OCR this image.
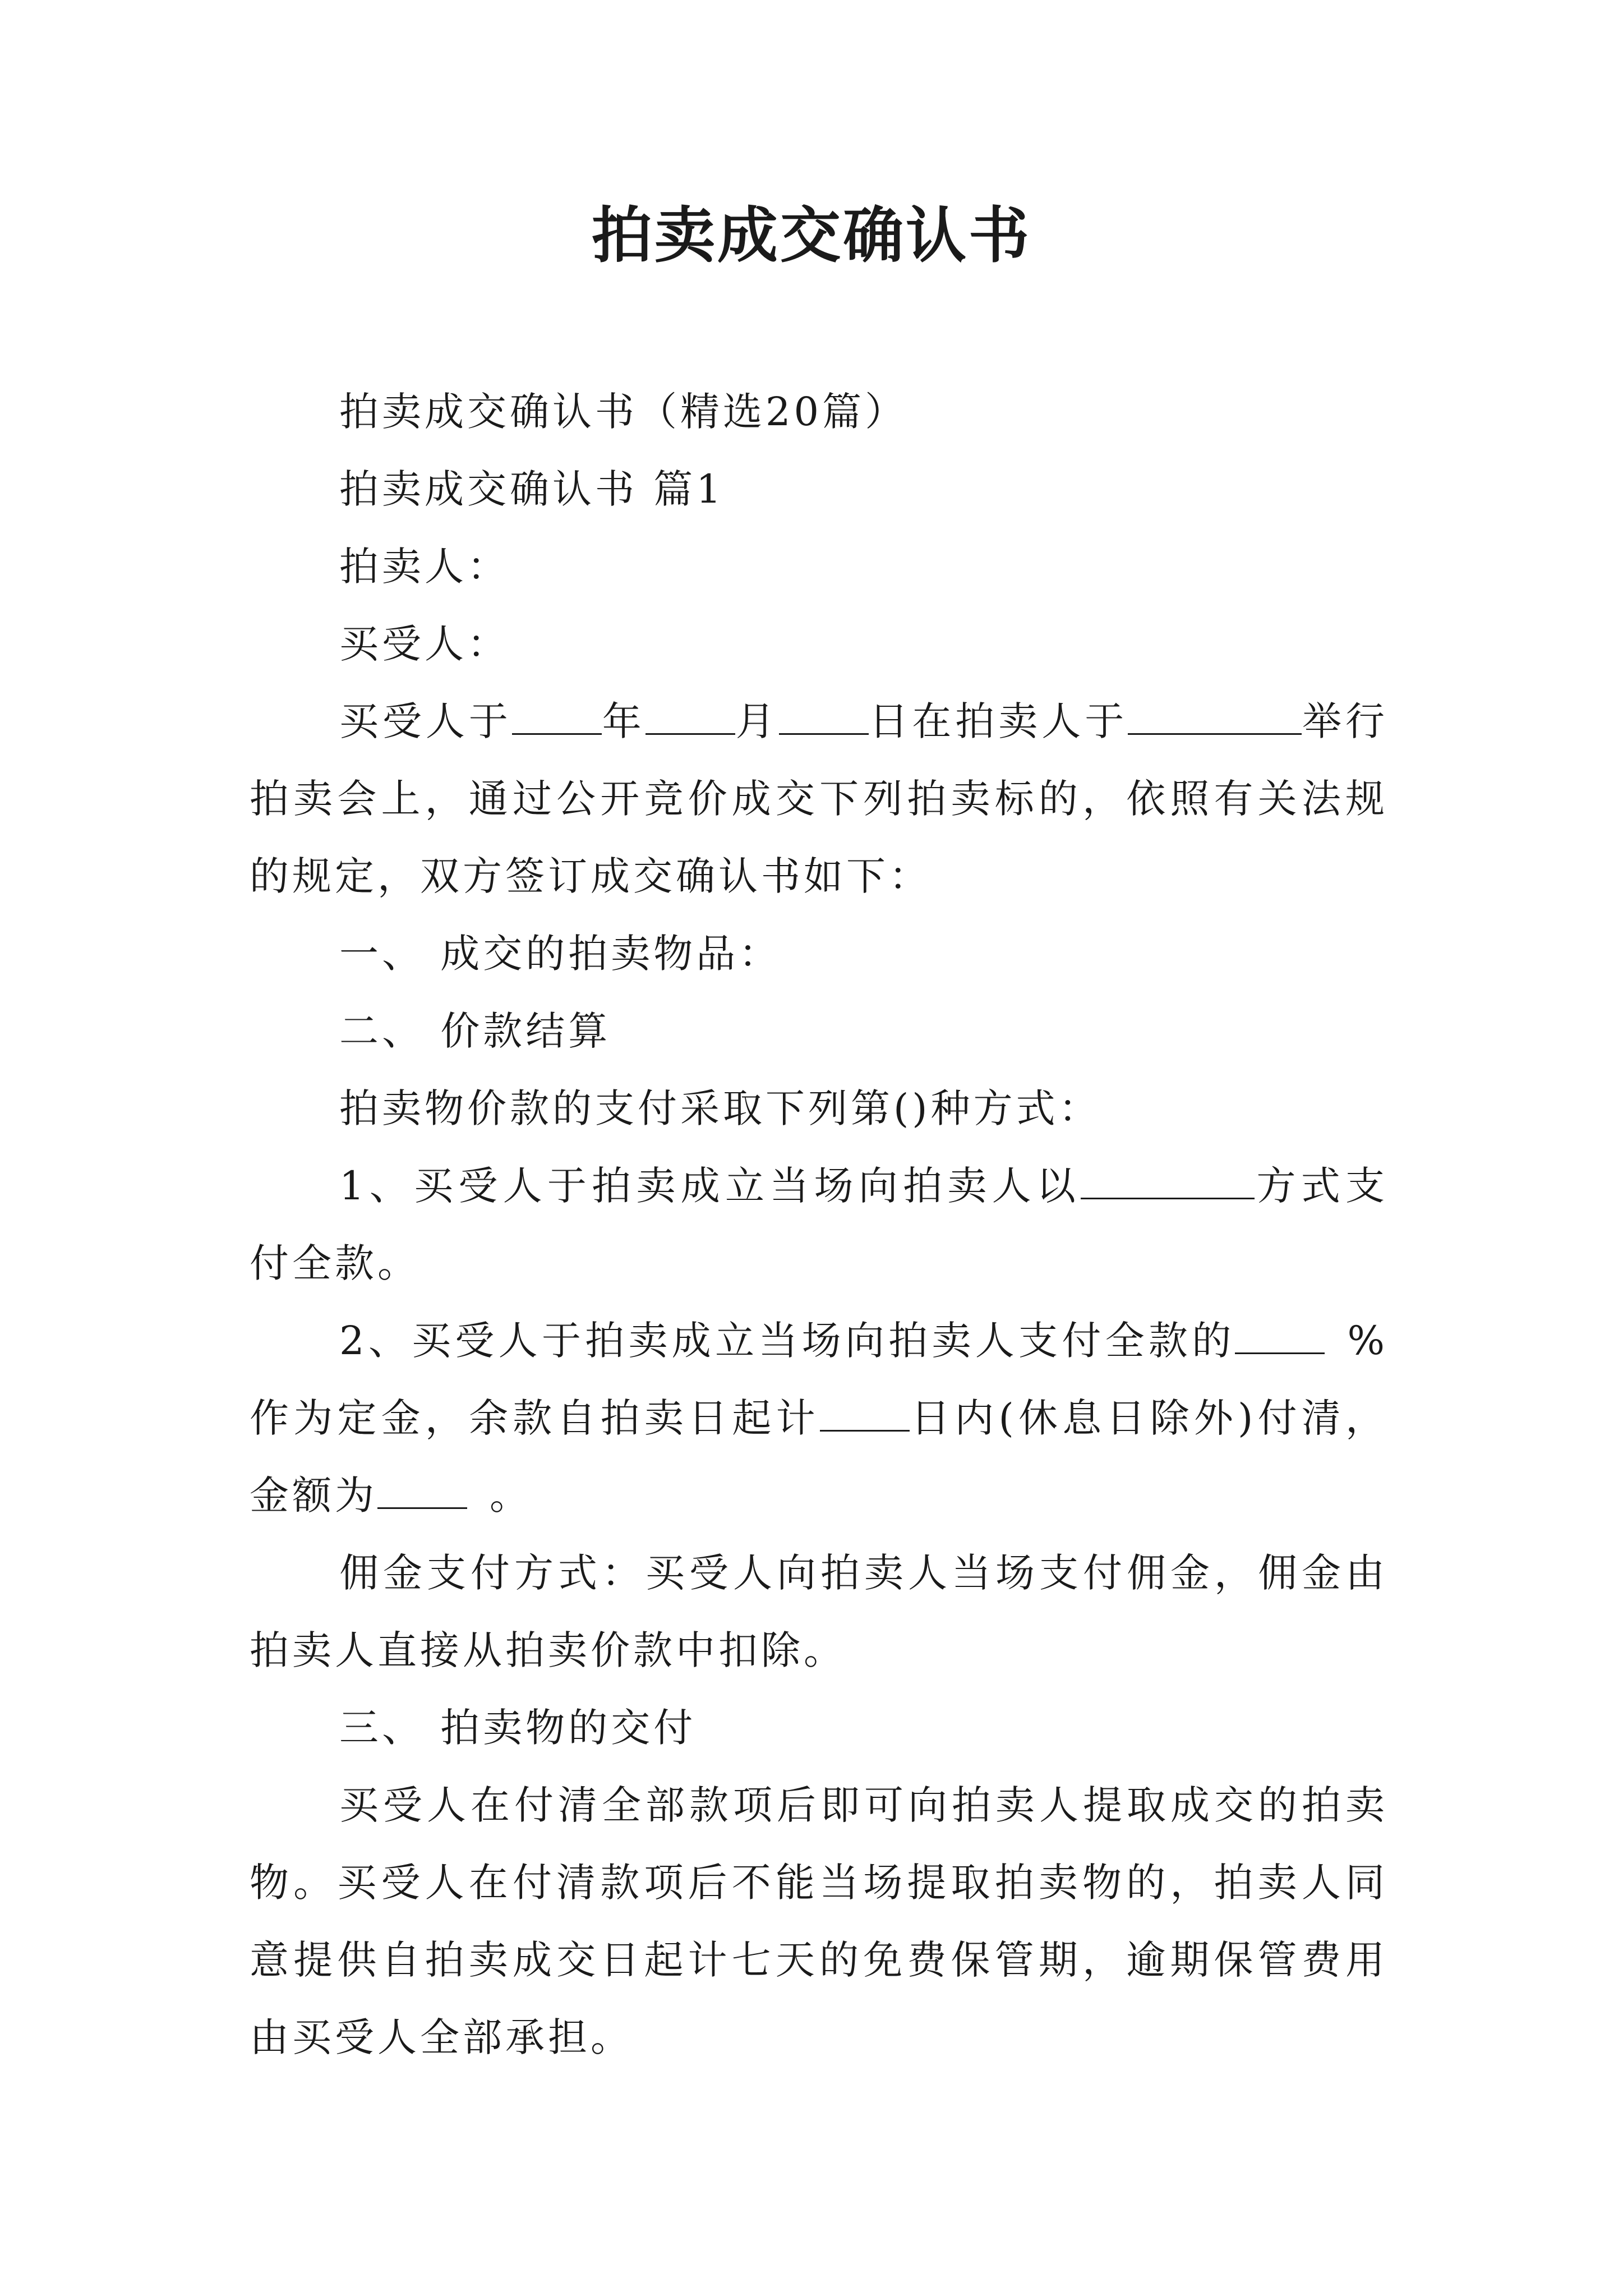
拍卖成交确认书

拍卖成交确认书（精选20篇）

拍卖成交确认书 篇1

拍卖人：

买受人：

买受人于 年 月 日在拍卖人于	举行拍卖会上，通过公开竞价成交下列拍卖标的，依照有关法规的规定，双方签订成交确认书如下：

一、 成交的拍卖物品：

二、 价款结算

拍卖物价款的支付采取下列第()种方式：

1、买受人于拍卖成立当场向拍卖人以	方式支付全款。

2、买受人于拍卖成立当场向拍卖人支付全款的	%作为定金，余款自拍卖日起计 日内(休息日除外)付清，金额为	。

佣金支付方式：买受人向拍卖人当场支付佣金，佣金由拍卖人直接从拍卖价款中扣除。

三、 拍卖物的交付

买受人在付清全部款项后即可向拍卖人提取成交的拍卖物。买受人在付清款项后不能当场提取拍卖物的，拍卖人同意提供自拍卖成交日起计七天的免费保管期，逾期保管费用由买受人全部承担。
